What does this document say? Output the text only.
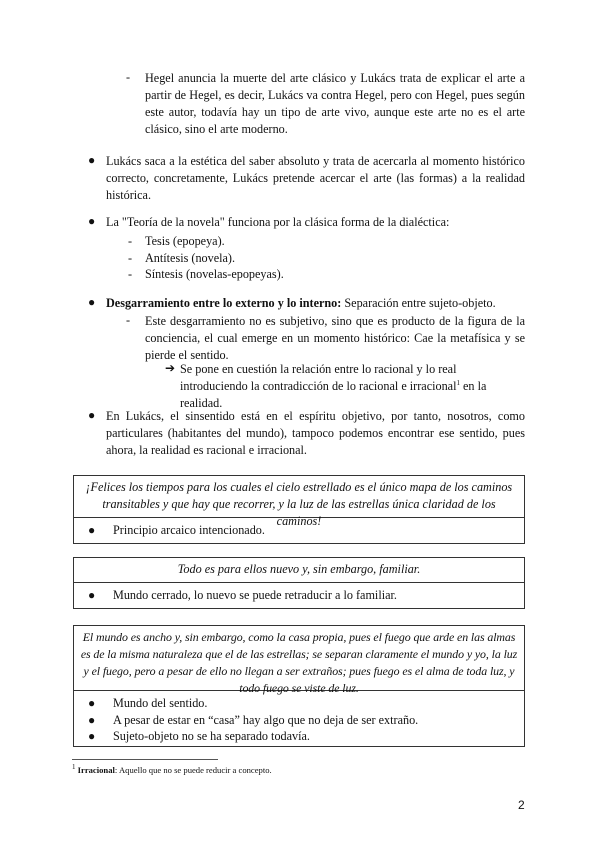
-	Hegel anuncia la muerte del arte clásico y Lukács trata de explicar el arte a partir de Hegel, es decir, Lukács va contra Hegel, pero con Hegel, pues según este autor, todavía hay un tipo de arte vivo, aunque este arte no es el arte clásico, sino el arte moderno.

● Lukács saca a la estética del saber absoluto y trata de acercarla al momento histórico correcto, concretamente, Lukács pretende acercar el arte (las formas) a la realidad histórica.

● La "Teoría de la novela" funciona por la clásica forma de la dialéctica:

- Tesis (epopeya).
- Antítesis (novela).
- Síntesis (novelas-epopeyas).
● Desgarramiento entre lo externo y lo interno: Separación entre sujeto-objeto.

-	Este desgarramiento no es subjetivo, sino que es producto de la figura de la conciencia, el cual emerge en un momento histórico: Cae la metafísica y se pierde el sentido.

➔ Se pone en cuestión la relación entre lo racional y lo real introduciendo la contradicción de lo racional e irracional$^1$ en la realidad.

● En Lukács, el sinsentido está en el espíritu objetivo, por tanto, nosotros, como particulares (habitantes del mundo), tampoco podemos encontrar ese sentido, pues ahora, la realidad es racional e irracional.

¡Felices los tiempos para los cuales el cielo estrellado es el único mapa de los caminos transitables y que hay que recorrer, y la luz de las estrellas única claridad de los caminos!

● Principio arcaico intencionado.

Todo es para ellos nuevo y, sin embargo, familiar.

● Mundo cerrado, lo nuevo se puede retraducir a lo familiar.

El mundo es ancho y, sin embargo, como la casa propia, pues el fuego que arde en las almas es de la misma naturaleza que el de las estrellas; se separan claramente el mundo y yo, la luz y el fuego, pero a pesar de ello no llegan a ser extraños; pues fuego es el alma de toda luz, y todo fuego se viste de luz.

● Mundo del sentido.
● A pesar de estar en “casa” hay algo que no deja de ser extraño.
● Sujeto-objeto no se ha separado todavía.
$^1$ Irracional: Aquello que no se puede reducir a concepto.
2
